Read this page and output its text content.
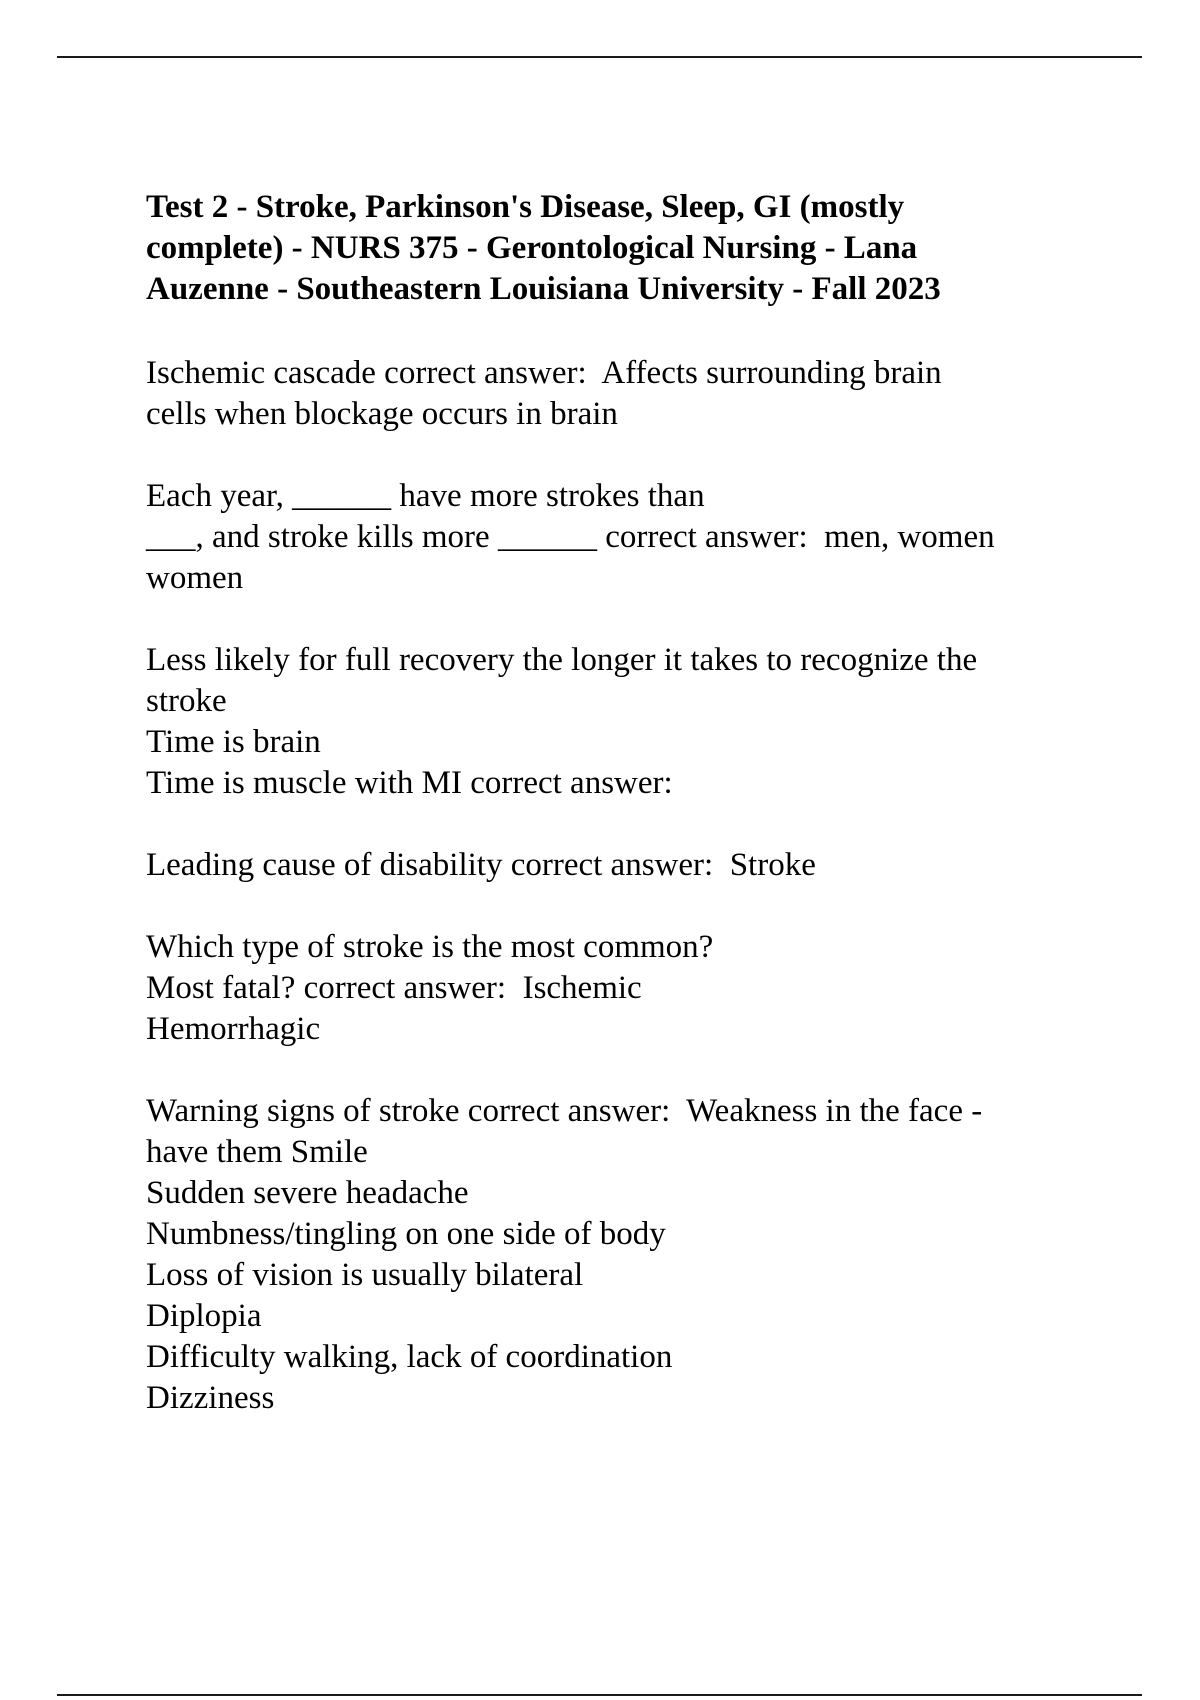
Test 2 - Stroke, Parkinson's Disease, Sleep, GI (mostly
complete) - NURS 375 - Gerontological Nursing - Lana
Auzenne - Southeastern Louisiana University - Fall 2023
Ischemic cascade correct answer:  Affects surrounding brain
cells when blockage occurs in brain
Each year, ______ have more strokes than
___, and stroke kills more ______ correct answer:  men, women
women
Less likely for full recovery the longer it takes to recognize the
stroke
Time is brain
Time is muscle with MI correct answer:
Leading cause of disability correct answer:  Stroke
Which type of stroke is the most common?
Most fatal? correct answer:  Ischemic
Hemorrhagic
Warning signs of stroke correct answer:  Weakness in the face -
have them Smile
Sudden severe headache
Numbness/tingling on one side of body
Loss of vision is usually bilateral
Diplopia
Difficulty walking, lack of coordination
Dizziness
